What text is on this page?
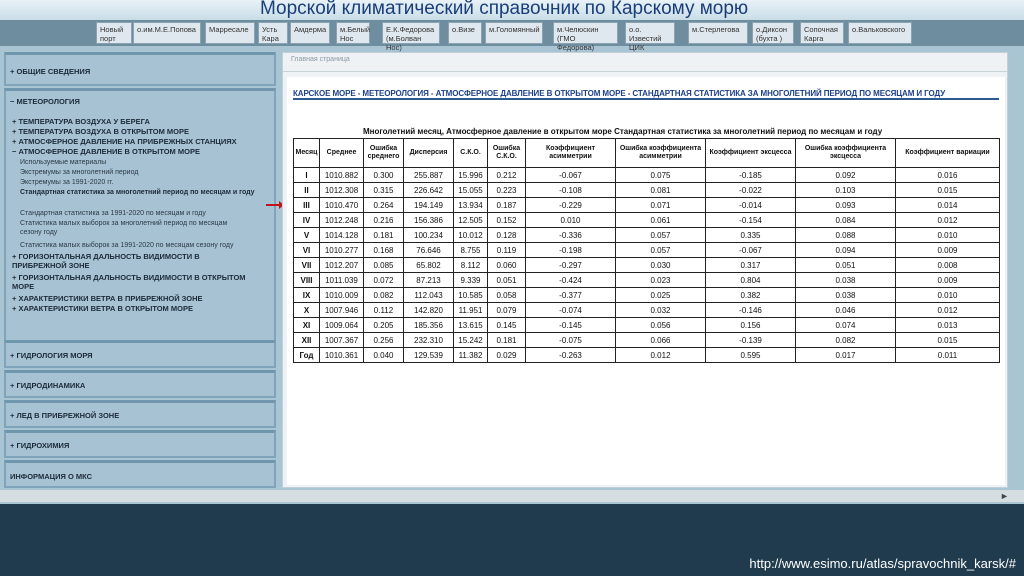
Морской климатический справочник по Карскому морю
Новый порт
о.им.М.Е.Попова	Марресале	Усть Кара
Амдерма	м.Белый Нос
Е.К.Федорова (м.Болван Нос)
о.Визе	м.Голомянный	м.Челюскин (ГМО Федорова)
о.о. Известий ЦИК
м.Стерлегова	о.Диксон (бухта )
Сопочная Карга
о.Вальковского
+ ОБЩИЕ СВЕДЕНИЯ
− МЕТЕОРОЛОГИЯ
+ ТЕМПЕРАТУРА ВОЗДУХА У БЕРЕГА
+ ТЕМПЕРАТУРА ВОЗДУХА В ОТКРЫТОМ МОРЕ
+ АТМОСФЕРНОЕ ДАВЛЕНИЕ НА ПРИБРЕЖНЫХ СТАНЦИЯХ
− АТМОСФЕРНОЕ ДАВЛЕНИЕ В ОТКРЫТОМ МОРЕ
Используемые материалы
Экстремумы за многолетний период
Экстремумы за 1991-2020 гг.
Стандартная статистика за многолетний период по месяцам и году
Стандартная статистика за 1991-2020 по месяцам и году
Статистика малых выборок за многолетний период по месяцам сезону году
Статистика малых выборок за 1991-2020 по месяцам сезону году
+ ГОРИЗОНТАЛЬНАЯ ДАЛЬНОСТЬ ВИДИМОСТИ В ПРИБРЕЖНОЙ ЗОНЕ
+ ГОРИЗОНТАЛЬНАЯ ДАЛЬНОСТЬ ВИДИМОСТИ В ОТКРЫТОМ МОРЕ
+ ХАРАКТЕРИСТИКИ ВЕТРА В ПРИБРЕЖНОЙ ЗОНЕ
+ ХАРАКТЕРИСТИКИ ВЕТРА В ОТКРЫТОМ МОРЕ
+ ГИДРОЛОГИЯ МОРЯ
+ ГИДРОДИНАМИКА
+ ЛЕД В ПРИБРЕЖНОЙ ЗОНЕ
+ ГИДРОХИМИЯ
ИНФОРМАЦИЯ О МКС
Главная страница
КАРСКОЕ МОРЕ - МЕТЕОРОЛОГИЯ - АТМОСФЕРНОЕ ДАВЛЕНИЕ В ОТКРЫТОМ МОРЕ - СТАНДАРТНАЯ СТАТИСТИКА ЗА МНОГОЛЕТНИЙ ПЕРИОД ПО МЕСЯЦАМ И ГОДУ
Многолетний месяц, Атмосферное давление в открытом море Стандартная статистика за многолетний период по месяцам и году
Месяц	Среднее	Ошибка среднего	Дисперсия	С.К.О.	Ошибка С.К.О.	Коэффициент асимметрии	Ошибка коэффициента асимметрии	Коэффициент эксцесса	Ошибка коэффициента эксцесса	Коэффициент вариации
I	1010.882	0.300	255.887	15.996	0.212	-0.067	0.075	-0.185	0.092	0.016
II	1012.308	0.315	226.642	15.055	0.223	-0.108	0.081	-0.022	0.103	0.015
III	1010.470	0.264	194.149	13.934	0.187	-0.229	0.071	-0.014	0.093	0.014
IV	1012.248	0.216	156.386	12.505	0.152	0.010	0.061	-0.154	0.084	0.012
V	1014.128	0.181	100.234	10.012	0.128	-0.336	0.057	0.335	0.088	0.010
VI	1010.277	0.168	76.646	8.755	0.119	-0.198	0.057	-0.067	0.094	0.009
VII	1012.207	0.085	65.802	8.112	0.060	-0.297	0.030	0.317	0.051	0.008
VIII	1011.039	0.072	87.213	9.339	0.051	-0.424	0.023	0.804	0.038	0.009
IX	1010.009	0.082	112.043	10.585	0.058	-0.377	0.025	0.382	0.038	0.010
X	1007.946	0.112	142.820	11.951	0.079	-0.074	0.032	-0.146	0.046	0.012
XI	1009.064	0.205	185.356	13.615	0.145	-0.145	0.056	0.156	0.074	0.013
XII	1007.367	0.256	232.310	15.242	0.181	-0.075	0.066	-0.139	0.082	0.015
Год	1010.361	0.040	129.539	11.382	0.029	-0.263	0.012	0.595	0.017	0.011
►
http://www.esimo.ru/atlas/spravochnik_karsk/#
